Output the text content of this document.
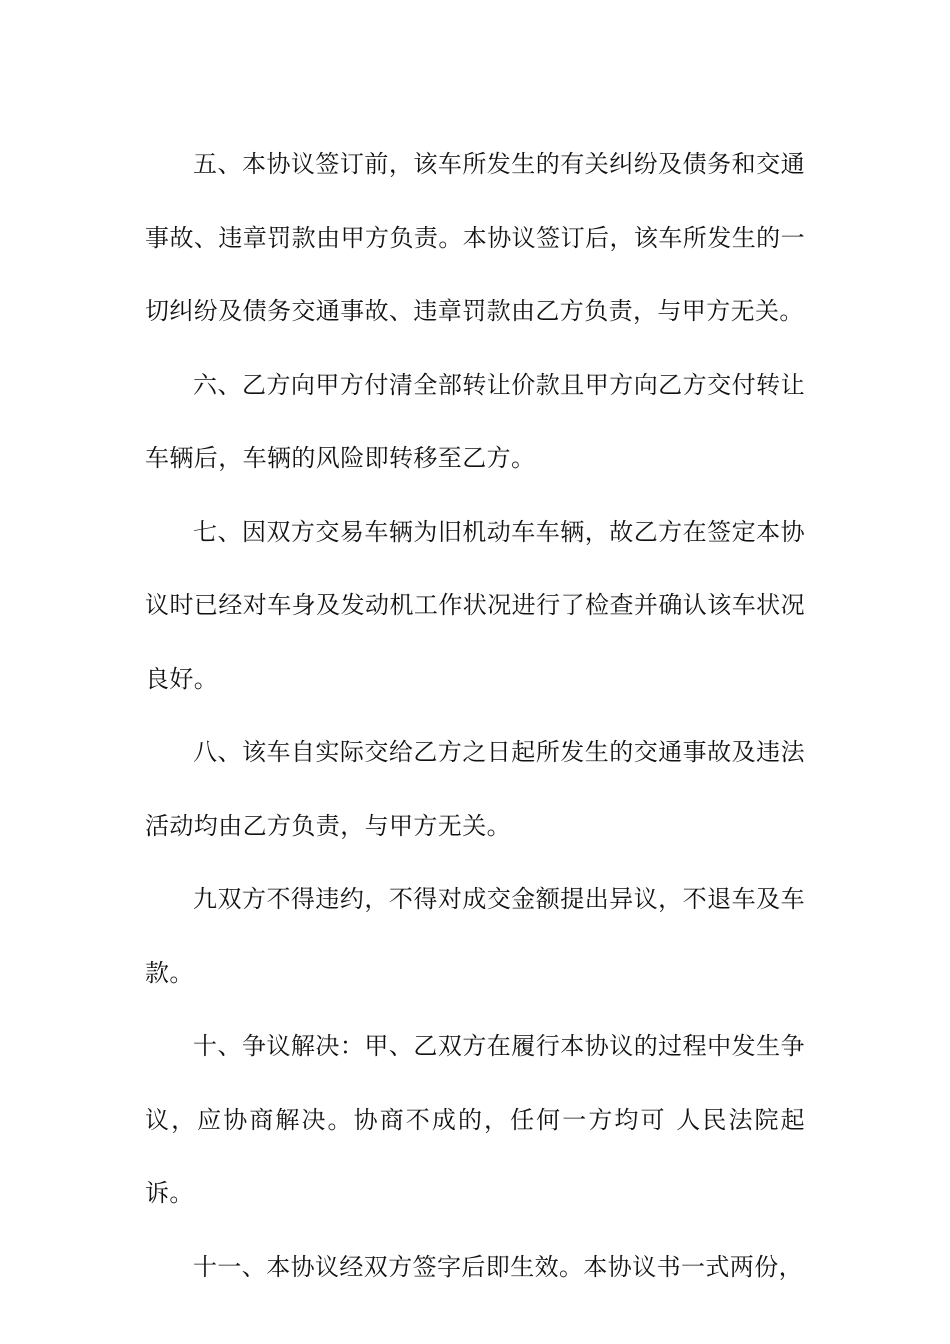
五、本协议签订前，该车所发生的有关纠纷及债务和交通事故、违章罚款由甲方负责。本协议签订后，该车所发生的一切纠纷及债务交通事故、违章罚款由乙方负责，与甲方无关。

六、乙方向甲方付清全部转让价款且甲方向乙方交付转让车辆后，车辆的风险即转移至乙方。

七、因双方交易车辆为旧机动车车辆，故乙方在签定本协议时已经对车身及发动机工作状况进行了检查并确认该车状况良好。

八、该车自实际交给乙方之日起所发生的交通事故及违法活动均由乙方负责，与甲方无关。

九双方不得违约，不得对成交金额提出异议，不退车及车款。

十、争议解决：甲、乙双方在履行本协议的过程中发生争议，应协商解决。协商不成的，任何一方均可 人民法院起诉。

十一、本协议经双方签字后即生效。本协议书一式两份，
